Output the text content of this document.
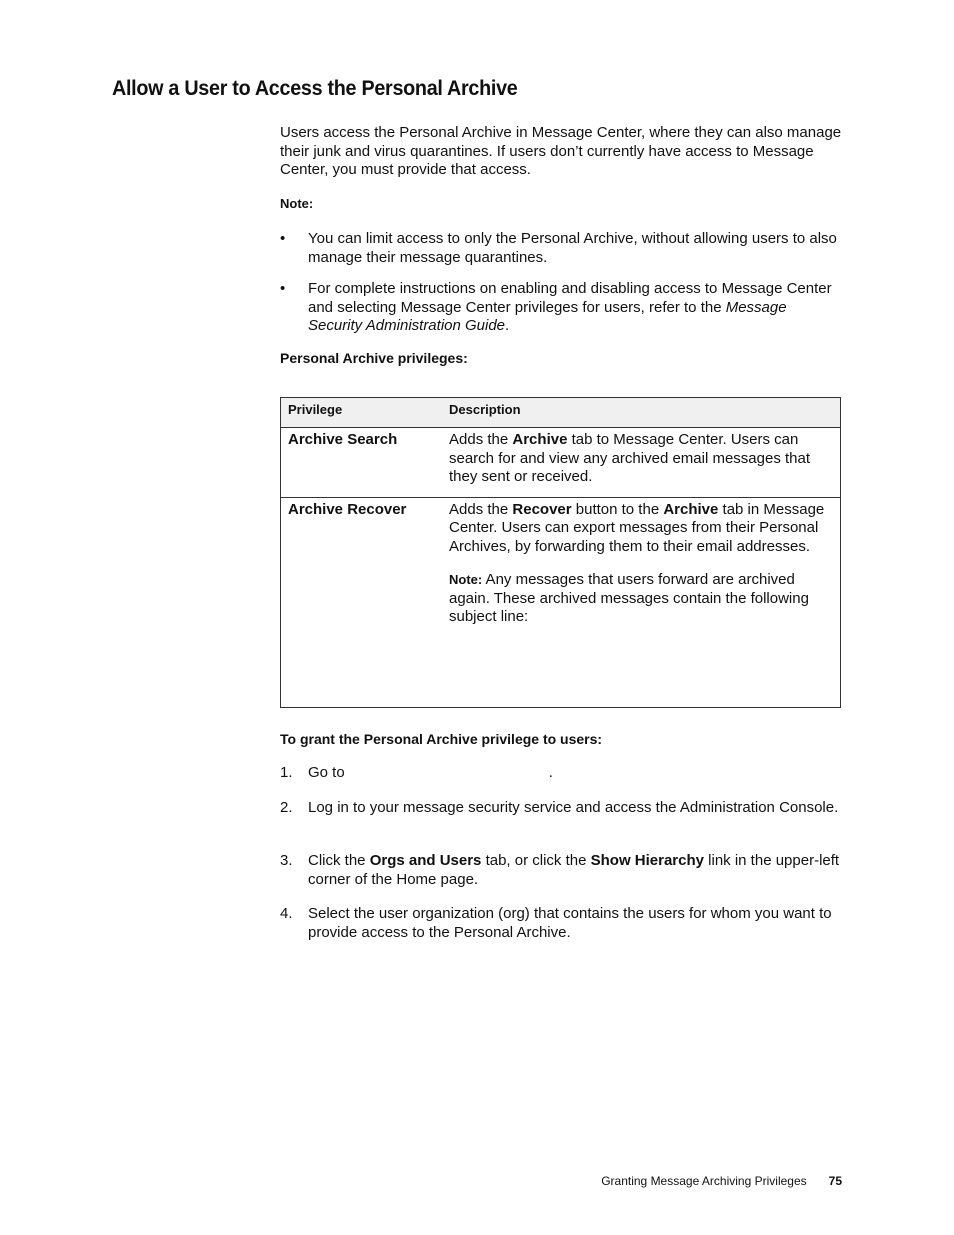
Allow a User to Access the Personal Archive

Users access the Personal Archive in Message Center, where they can also manage their junk and virus quarantines. If users don’t currently have access to Message Center, you must provide that access.

Note:
• You can limit access to only the Personal Archive, without allowing users to also manage their message quarantines.
• For complete instructions on enabling and disabling access to Message Center and selecting Message Center privileges for users, refer to the Message Security Administration Guide.
Personal Archive privileges:
Privilege	Description
Archive Search	Adds the Archive tab to Message Center. Users can search for and view any archived email messages that they sent or received.

Archive Recover	Adds the Recover button to the Archive tab in Message Center. Users can export messages from their Personal Archives, by forwarding them to their email addresses.

Note: Any messages that users forward are archived again. These archived messages contain the following subject line:

To grant the Personal Archive privilege to users:
1. Go to	.
2. Log in to your message security service and access the Administration Console.
3. Click the Orgs and Users tab, or click the Show Hierarchy link in the upper-left corner of the Home page.
4. Select the user organization (org) that contains the users for whom you want to provide access to the Personal Archive.
Granting Message Archiving Privileges 75
